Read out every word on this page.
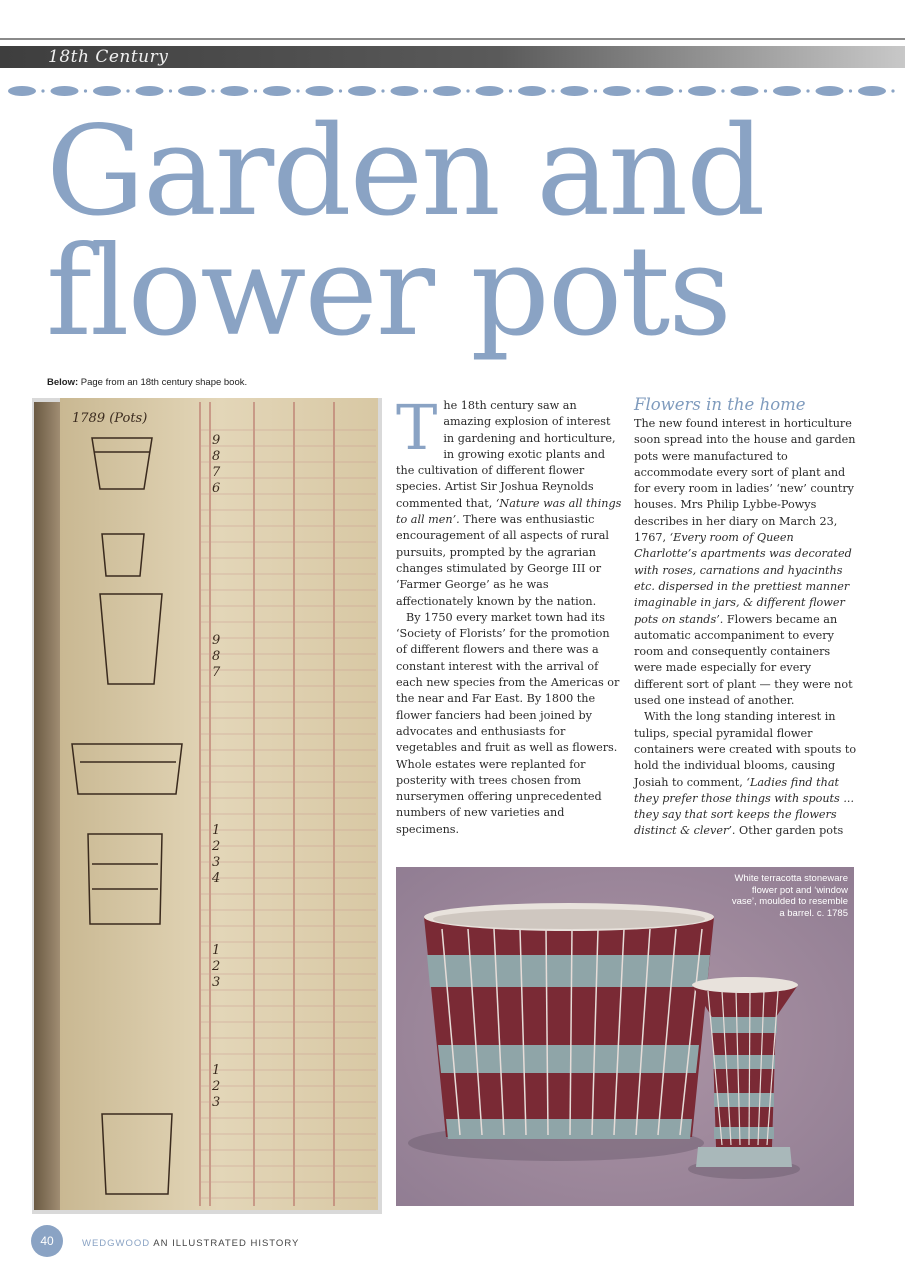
18th Century
Garden and
flower pots
Below: Page from an 18th century shape book.
1789 (Pots)
9
8
7
6
9
8
7
1
2
3
4
1
2
3
1
2
3

The 18th century saw an amazing explosion of interest in gardening and horticulture, in growing exotic plants and the cultivation of different flower species. Artist Sir Joshua Reynolds commented that, ‘Nature was all things to all men’. There was enthusiastic encouragement of all aspects of rural pursuits, prompted by the agrarian changes stimulated by George III or ‘Farmer George’ as he was affectionately known by the nation.

By 1750 every market town had its ‘Society of Florists’ for the promotion of different flowers and there was a constant interest with the arrival of each new species from the Americas or the near and Far East. By 1800 the flower fanciers had been joined by advocates and enthusiasts for vegetables and fruit as well as flowers. Whole estates were replanted for posterity with trees chosen from nurserymen offering unprecedented numbers of new varieties and specimens.

Flowers in the home

The new found interest in horticulture soon spread into the house and garden pots were manufactured to accommodate every sort of plant and for every room in ladies’ ‘new’ country houses. Mrs Philip Lybbe-Powys describes in her diary on March 23, 1767, ‘Every room of Queen Charlotte’s apartments was decorated with roses, carnations and hyacinths etc. dispersed in the prettiest manner imaginable in jars, & different flower pots on stands’. Flowers became an automatic accompaniment to every room and consequently containers were made especially for every different sort of plant — they were not used one instead of another.

With the long standing interest in tulips, special pyramidal flower containers were created with spouts to hold the individual blooms, causing Josiah to comment, ‘Ladies find that they prefer those things with spouts ... they say that sort keeps the flowers distinct & clever’. Other garden pots

White terracotta stoneware flower pot and ‘window vase’, moulded to resemble a barrel. c. 1785
40	WEDGWOOD AN ILLUSTRATED HISTORY
